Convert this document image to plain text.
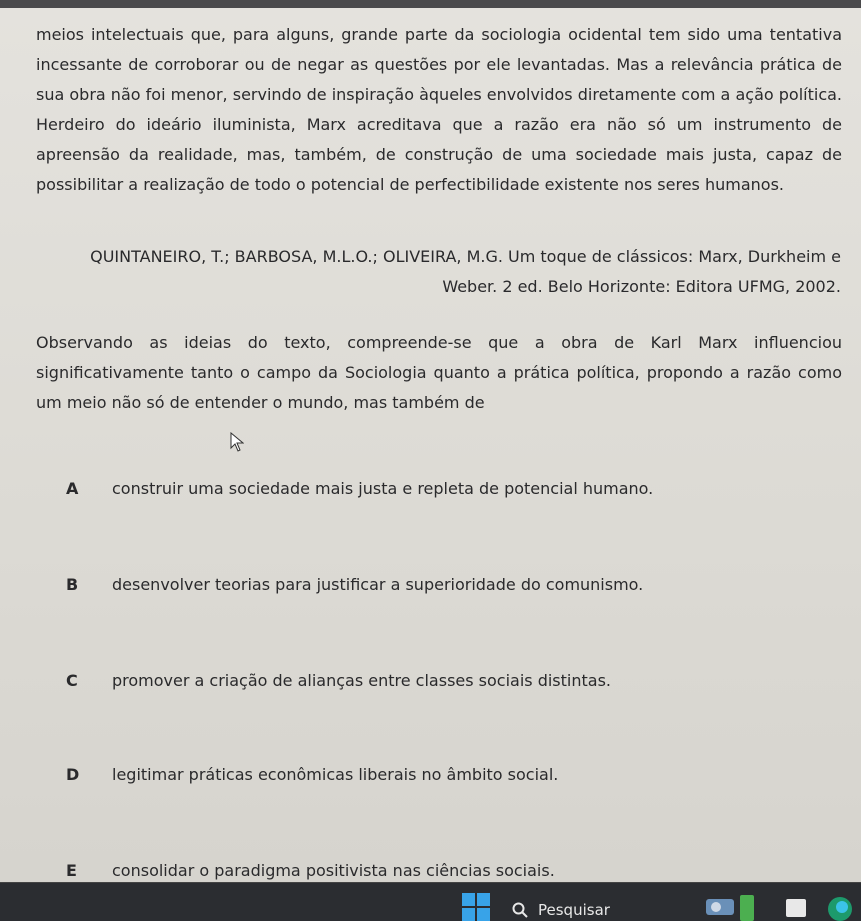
meios intelectuais que, para alguns, grande parte da sociologia ocidental tem sido uma tentativa incessante de corroborar ou de negar as questões por ele levantadas. Mas a relevância prática de sua obra não foi menor, servindo de inspiração àqueles envolvidos diretamente com a ação política. Herdeiro do ideário iluminista, Marx acreditava que a razão era não só um instrumento de apreensão da realidade, mas, também, de construção de uma sociedade mais justa, capaz de possibilitar a realização de todo o potencial de perfectibilidade existente nos seres humanos.

QUINTANEIRO, T.; BARBOSA, M.L.O.; OLIVEIRA, M.G. Um toque de clássicos: Marx, Durkheim e Weber. 2 ed. Belo Horizonte: Editora UFMG, 2002.

Observando as ideias do texto, compreende-se que a obra de Karl Marx influenciou significativamente tanto o campo da Sociologia quanto a prática política, propondo a razão como um meio não só de entender o mundo, mas também de

A construir uma sociedade mais justa e repleta de potencial humano.
B desenvolver teorias para justificar a superioridade do comunismo.
C promover a criação de alianças entre classes sociais distintas.
D legitimar práticas econômicas liberais no âmbito social.
E consolidar o paradigma positivista nas ciências sociais.
Pesquisar
